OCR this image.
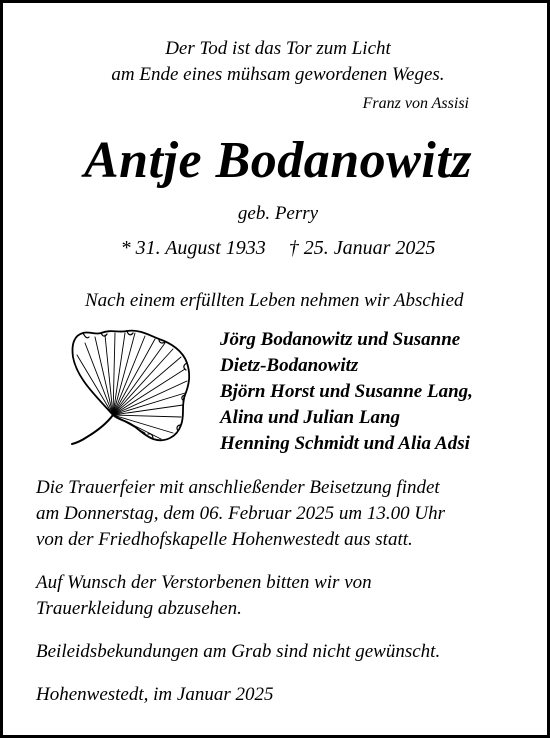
Der Tod ist das Tor zum Licht
am Ende eines mühsam gewordenen Weges.
Franz von Assisi
Antje Bodanowitz
geb. Perry
* 31. August 1933 † 25. Januar 2025
Nach einem erfüllten Leben nehmen wir Abschied
Jörg Bodanowitz und Susanne
Dietz-Bodanowitz
Björn Horst und Susanne Lang,
Alina und Julian Lang
Henning Schmidt und Alia Adsi
Die Trauerfeier mit anschließender Beisetzung findet
am Donnerstag, dem 06. Februar 2025 um 13.00 Uhr
von der Friedhofskapelle Hohenwestedt aus statt.
Auf Wunsch der Verstorbenen bitten wir von
Trauerkleidung abzusehen.
Beileidsbekundungen am Grab sind nicht gewünscht.
Hohenwestedt, im Januar 2025
